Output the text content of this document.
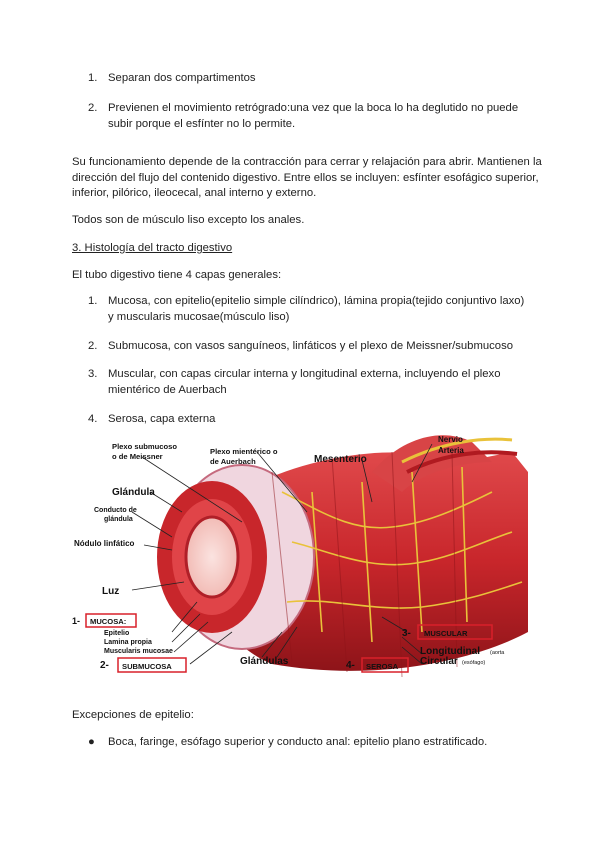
1. Separan dos compartimentos
2. Previenen el movimiento retrógrado:una vez que la boca lo ha deglutido no puede subir porque el esfínter no lo permite.
Su funcionamiento depende de la contracción para cerrar y relajación para abrir. Mantienen la dirección del flujo del contenido digestivo. Entre ellos se incluyen: esfínter esofágico superior, inferior, pilórico, ileocecal, anal interno y externo.
Todos son de músculo liso excepto los anales.
3. Histología del tracto digestivo
El tubo digestivo tiene 4 capas generales:
1. Mucosa, con epitelio(epitelio simple cilíndrico), lámina propia(tejido conjuntivo laxo) y muscularis mucosae(músculo liso)
2. Submucosa, con vasos sanguíneos, linfáticos y el plexo de Meissner/submucoso
3. Muscular, con capas circular interna y longitudinal externa, incluyendo el plexo mientérico de Auerbach
4. Serosa, capa externa
Plexo submucoso
o de Meissner
Plexo mientérico o
de Auerbach	Mesenterio
Nervio
Arteria
Glándula
Conducto de
glándula
Nódulo linfático
Luz
1- MUCOSA:
Epitelio
Lamina propia
Muscularis mucosae
2- SUBMUCOSA	Glándulas
3- MUSCULAR
Longitudinal (aorta
Circular (esófago)
4- SEROSA
Excepciones de epitelio:
● Boca, faringe, esófago superior y conducto anal: epitelio plano estratificado.
